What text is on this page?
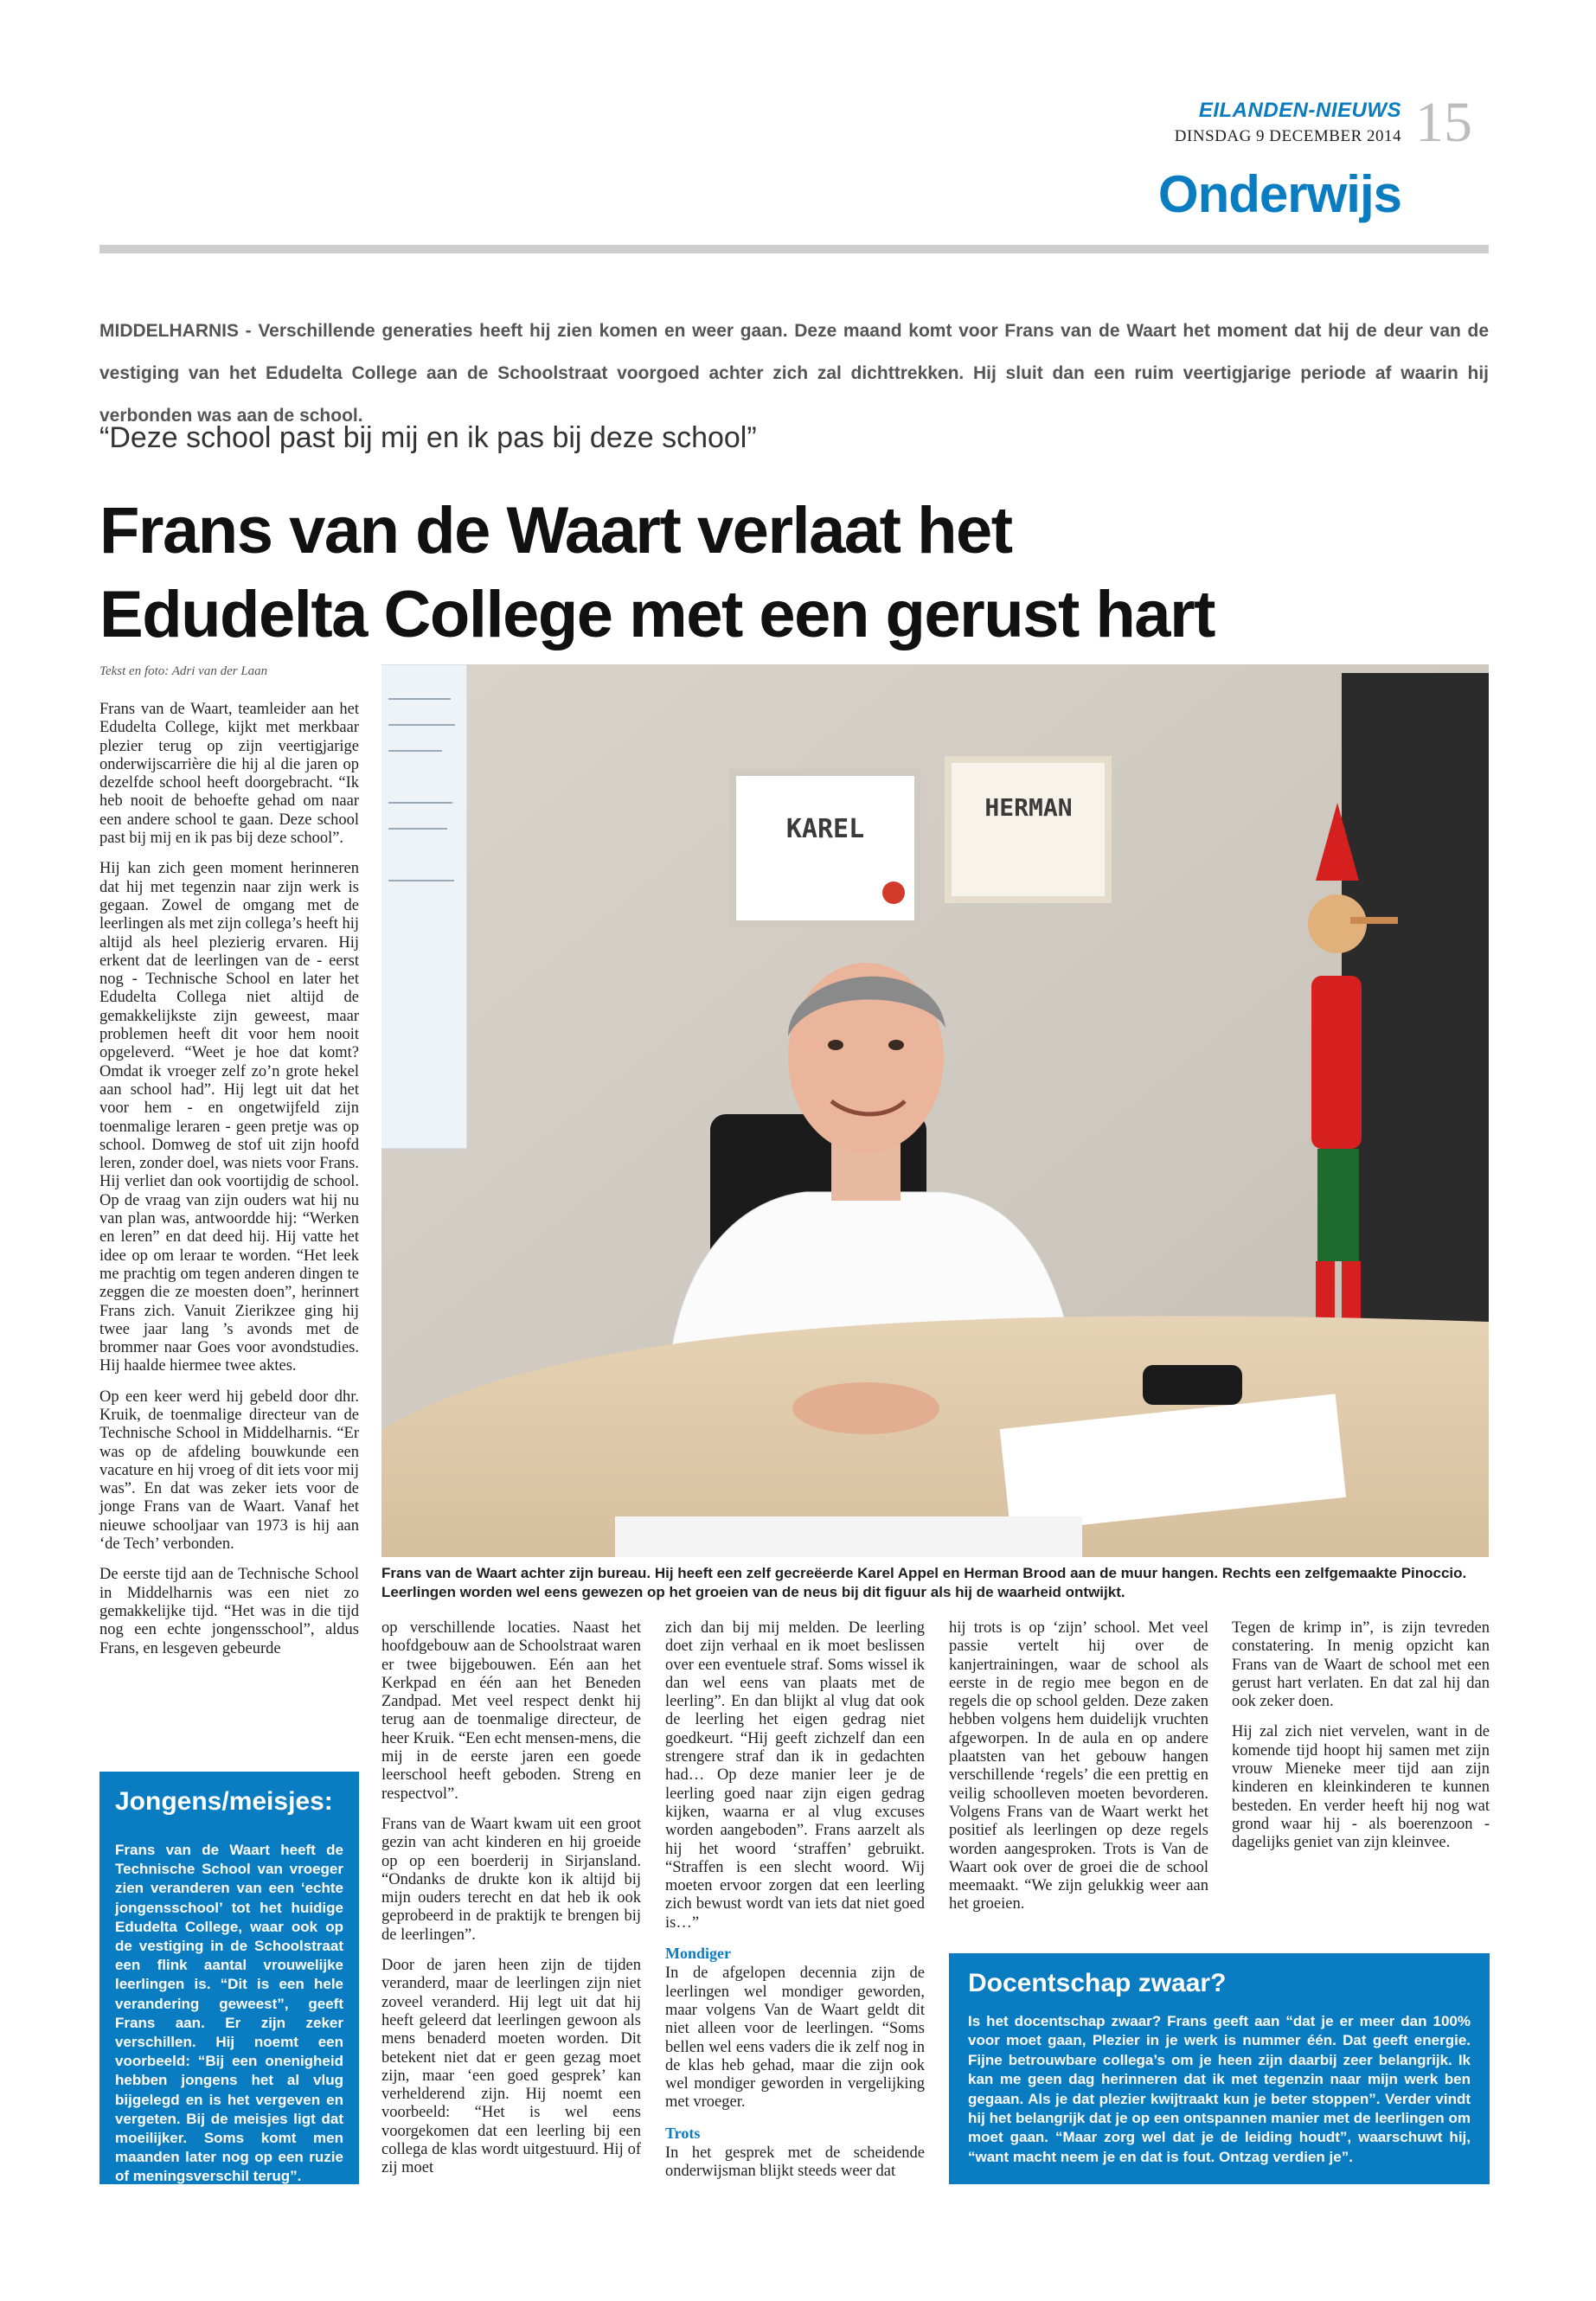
EILANDEN-NIEUWS
DINSDAG 9 DECEMBER 2014 15
Onderwijs
MIDDELHARNIS - Verschillende generaties heeft hij zien komen en weer gaan. Deze maand komt voor Frans van de Waart het moment dat hij de deur van de vestiging van het Edudelta College aan de Schoolstraat voorgoed achter zich zal dichttrekken. Hij sluit dan een ruim veertigjarige periode af waarin hij verbonden was aan de school.
“Deze school past bij mij en ik pas bij deze school”
Frans van de Waart verlaat het
Edudelta College met een gerust hart
Tekst en foto: Adri van der Laan

Frans van de Waart, teamleider aan het Edudelta College, kijkt met merkbaar plezier terug op zijn veertigjarige onderwijscarrière die hij al die jaren op dezelfde school heeft doorgebracht. “Ik heb nooit de behoefte gehad om naar een andere school te gaan. Deze school past bij mij en ik pas bij deze school”.

Hij kan zich geen moment herinneren dat hij met tegenzin naar zijn werk is gegaan. Zowel de omgang met de leerlingen als met zijn collega’s heeft hij altijd als heel plezierig ervaren. Hij erkent dat de leerlingen van de - eerst nog - Technische School en later het Edudelta Collega niet altijd de gemakkelijkste zijn geweest, maar problemen heeft dit voor hem nooit opgeleverd. “Weet je hoe dat komt? Omdat ik vroeger zelf zo’n grote hekel aan school had”. Hij legt uit dat het voor hem - en ongetwijfeld zijn toenmalige leraren - geen pretje was op school. Domweg de stof uit zijn hoofd leren, zonder doel, was niets voor Frans. Hij verliet dan ook voortijdig de school. Op de vraag van zijn ouders wat hij nu van plan was, antwoordde hij: “Werken en leren” en dat deed hij. Hij vatte het idee op om leraar te worden. “Het leek me prachtig om tegen anderen dingen te zeggen die ze moesten doen”, herinnert Frans zich. Vanuit Zierikzee ging hij twee jaar lang ’s avonds met de brommer naar Goes voor avondstudies. Hij haalde hiermee twee aktes.

Op een keer werd hij gebeld door dhr. Kruik, de toenmalige directeur van de Technische School in Middelharnis. “Er was op de afdeling bouwkunde een vacature en hij vroeg of dit iets voor mij was”. En dat was zeker iets voor de jonge Frans van de Waart. Vanaf het nieuwe schooljaar van 1973 is hij aan ‘de Tech’ verbonden.

De eerste tijd aan de Technische School in Middelharnis was een niet zo gemakkelijke tijd. “Het was in die tijd nog een echte jongensschool”, aldus Frans, en lesgeven gebeurde

KAREL
HERMAN
Frans van de Waart achter zijn bureau. Hij heeft een zelf gecreëerde Karel Appel en Herman Brood aan de muur hangen. Rechts een zelfgemaakte Pinoccio. Leerlingen worden wel eens gewezen op het groeien van de neus bij dit figuur als hij de waarheid ontwijkt.

op verschillende locaties. Naast het hoofdgebouw aan de Schoolstraat waren er twee bijgebouwen. Eén aan het Kerkpad en één aan het Beneden Zandpad. Met veel respect denkt hij terug aan de toenmalige directeur, de heer Kruik. “Een echt mensen-mens, die mij in de eerste jaren een goede leerschool heeft geboden. Streng en respectvol”.

Frans van de Waart kwam uit een groot gezin van acht kinderen en hij groeide op op een boerderij in Sirjansland. “Ondanks de drukte kon ik altijd bij mijn ouders terecht en dat heb ik ook geprobeerd in de praktijk te brengen bij de leerlingen”.

Door de jaren heen zijn de tijden veranderd, maar de leerlingen zijn niet zoveel veranderd. Hij legt uit dat hij heeft geleerd dat leerlingen gewoon als mens benaderd moeten worden. Dit betekent niet dat er geen gezag moet zijn, maar ‘een goed gesprek’ kan verhelderend zijn. Hij noemt een voorbeeld: “Het is wel eens voorgekomen dat een leerling bij een collega de klas wordt uitgestuurd. Hij of zij moet

zich dan bij mij melden. De leerling doet zijn verhaal en ik moet beslissen over een eventuele straf. Soms wissel ik dan wel eens van plaats met de leerling”. En dan blijkt al vlug dat ook de leerling het eigen gedrag niet goedkeurt. “Hij geeft zichzelf dan een strengere straf dan ik in gedachten had… Op deze manier leer je de leerling goed naar zijn eigen gedrag kijken, waarna er al vlug excuses worden aangeboden”. Frans aarzelt als hij het woord ‘straffen’ gebruikt. “Straffen is een slecht woord. Wij moeten ervoor zorgen dat een leerling zich bewust wordt van iets dat niet goed is…”

Mondiger

In de afgelopen decennia zijn de leerlingen wel mondiger geworden, maar volgens Van de Waart geldt dit niet alleen voor de leerlingen. “Soms bellen wel eens vaders die ik zelf nog in de klas heb gehad, maar die zijn ook wel mondiger geworden in vergelijking met vroeger.

Trots

In het gesprek met de scheidende onderwijsman blijkt steeds weer dat

hij trots is op ‘zijn’ school. Met veel passie vertelt hij over de kanjertrainingen, waar de school als eerste in de regio mee begon en de regels die op school gelden. Deze zaken hebben volgens hem duidelijk vruchten afgeworpen. In de aula en op andere plaatsten van het gebouw hangen verschillende ‘regels’ die een prettig en veilig schoolleven moeten bevorderen. Volgens Frans van de Waart werkt het positief als leerlingen op deze regels worden aangesproken. Trots is Van de Waart ook over de groei die de school meemaakt. “We zijn gelukkig weer aan het groeien.

Tegen de krimp in”, is zijn tevreden constatering. In menig opzicht kan Frans van de Waart de school met een gerust hart verlaten. En dat zal hij dan ook zeker doen.

Hij zal zich niet vervelen, want in de komende tijd hoopt hij samen met zijn vrouw Mieneke meer tijd aan zijn kinderen en kleinkinderen te kunnen besteden. En verder heeft hij nog wat grond waar hij - als boerenzoon - dagelijks geniet van zijn kleinvee.

Jongens/meisjes:
Frans van de Waart heeft de Technische School van vroeger zien veranderen van een ‘echte jongensschool’ tot het huidige Edudelta College, waar ook op de vestiging in de Schoolstraat een flink aantal vrouwelijke leerlingen is. “Dit is een hele verandering geweest”, geeft Frans aan. Er zijn zeker verschillen. Hij noemt een voorbeeld: “Bij een onenigheid hebben jongens het al vlug bijgelegd en is het vergeven en vergeten. Bij de meisjes ligt dat moeilijker. Soms komt men maanden later nog op een ruzie of meningsverschil terug”.
Docentschap zwaar?
Is het docentschap zwaar? Frans geeft aan “dat je er meer dan 100% voor moet gaan, Plezier in je werk is nummer één. Dat geeft energie. Fijne betrouwbare collega’s om je heen zijn daarbij zeer belangrijk. Ik kan me geen dag herinneren dat ik met tegenzin naar mijn werk ben gegaan. Als je dat plezier kwijtraakt kun je beter stoppen”. Verder vindt hij het belangrijk dat je op een ontspannen manier met de leerlingen om moet gaan. “Maar zorg wel dat je de leiding houdt”, waarschuwt hij, “want macht neem je en dat is fout. Ontzag verdien je”.
